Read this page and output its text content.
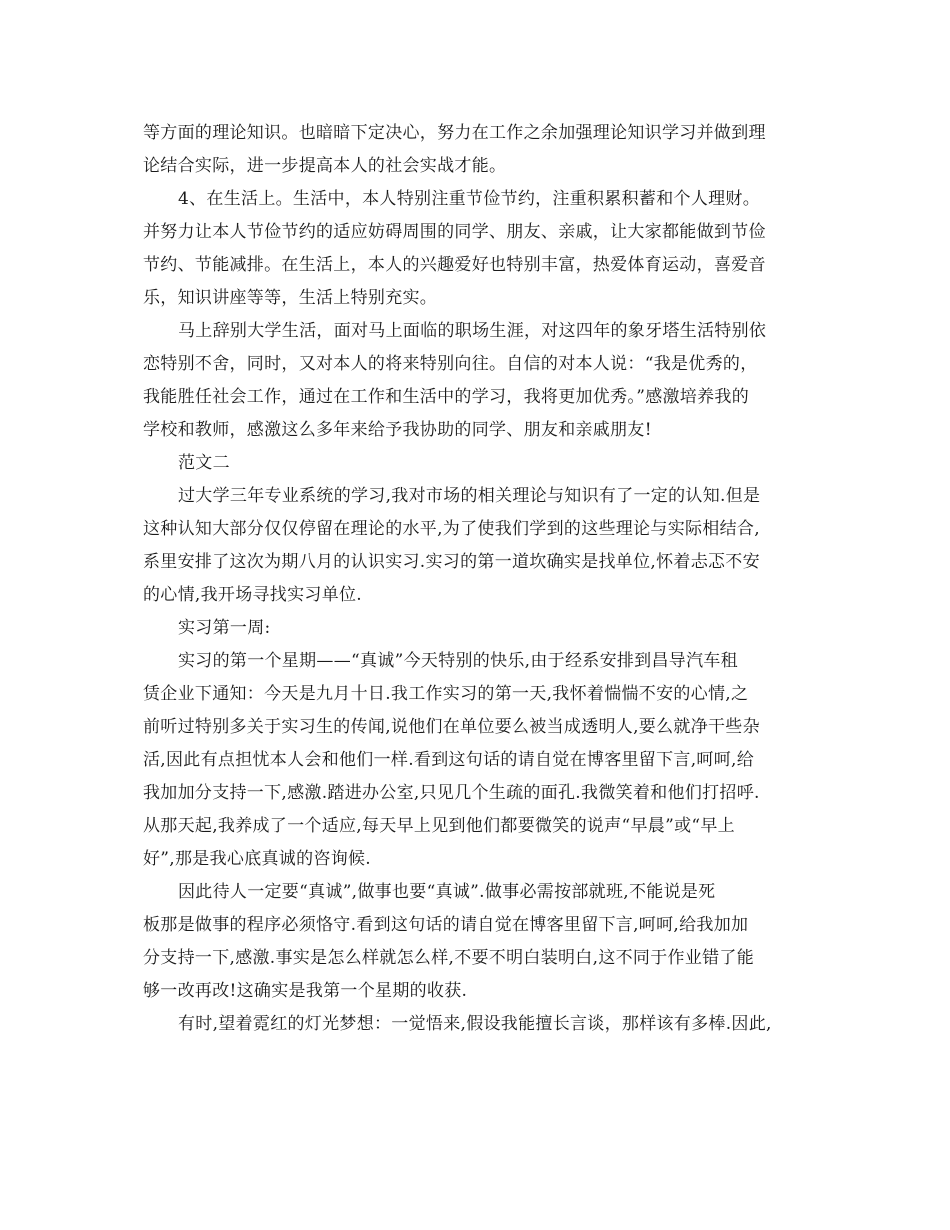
等方面的理论知识。也暗暗下定决心，努力在工作之余加强理论知识学习并做到理
论结合实际，进一步提高本人的社会实战才能。
4、在生活上。生活中，本人特别注重节俭节约，注重积累积蓄和个人理财。
并努力让本人节俭节约的适应妨碍周围的同学、朋友、亲戚，让大家都能做到节俭
节约、节能减排。在生活上，本人的兴趣爱好也特别丰富，热爱体育运动，喜爱音
乐，知识讲座等等，生活上特别充实。
马上辞别大学生活，面对马上面临的职场生涯，对这四年的象牙塔生活特别依
恋特别不舍，同时，又对本人的将来特别向往。自信的对本人说：“我是优秀的，
我能胜任社会工作，通过在工作和生活中的学习，我将更加优秀。”感激培养我的
学校和教师，感激这么多年来给予我协助的同学、朋友和亲戚朋友!
范文二
过大学三年专业系统的学习,我对市场的相关理论与知识有了一定的认知.但是
这种认知大部分仅仅停留在理论的水平,为了使我们学到的这些理论与实际相结合,
系里安排了这次为期八月的认识实习.实习的第一道坎确实是找单位,怀着忐忑不安
的心情,我开场寻找实习单位.
实习第一周:
实习的第一个星期——“真诚”今天特别的快乐,由于经系安排到昌导汽车租
赁企业下通知：今天是九月十日.我工作实习的第一天,我怀着惴惴不安的心情,之
前听过特别多关于实习生的传闻,说他们在单位要么被当成透明人,要么就净干些杂
活,因此有点担忧本人会和他们一样.看到这句话的请自觉在博客里留下言,呵呵,给
我加加分支持一下,感激.踏进办公室,只见几个生疏的面孔.我微笑着和他们打招呼.
从那天起,我养成了一个适应,每天早上见到他们都要微笑的说声“早晨”或“早上
好”,那是我心底真诚的咨询候.
因此待人一定要“真诚”,做事也要“真诚”.做事必需按部就班,不能说是死
板那是做事的程序必须恪守.看到这句话的请自觉在博客里留下言,呵呵,给我加加
分支持一下,感激.事实是怎么样就怎么样,不要不明白装明白,这不同于作业错了能
够一改再改!这确实是我第一个星期的收获.
有时,望着霓红的灯光梦想：一觉悟来,假设我能擅长言谈，那样该有多棒.因此,
